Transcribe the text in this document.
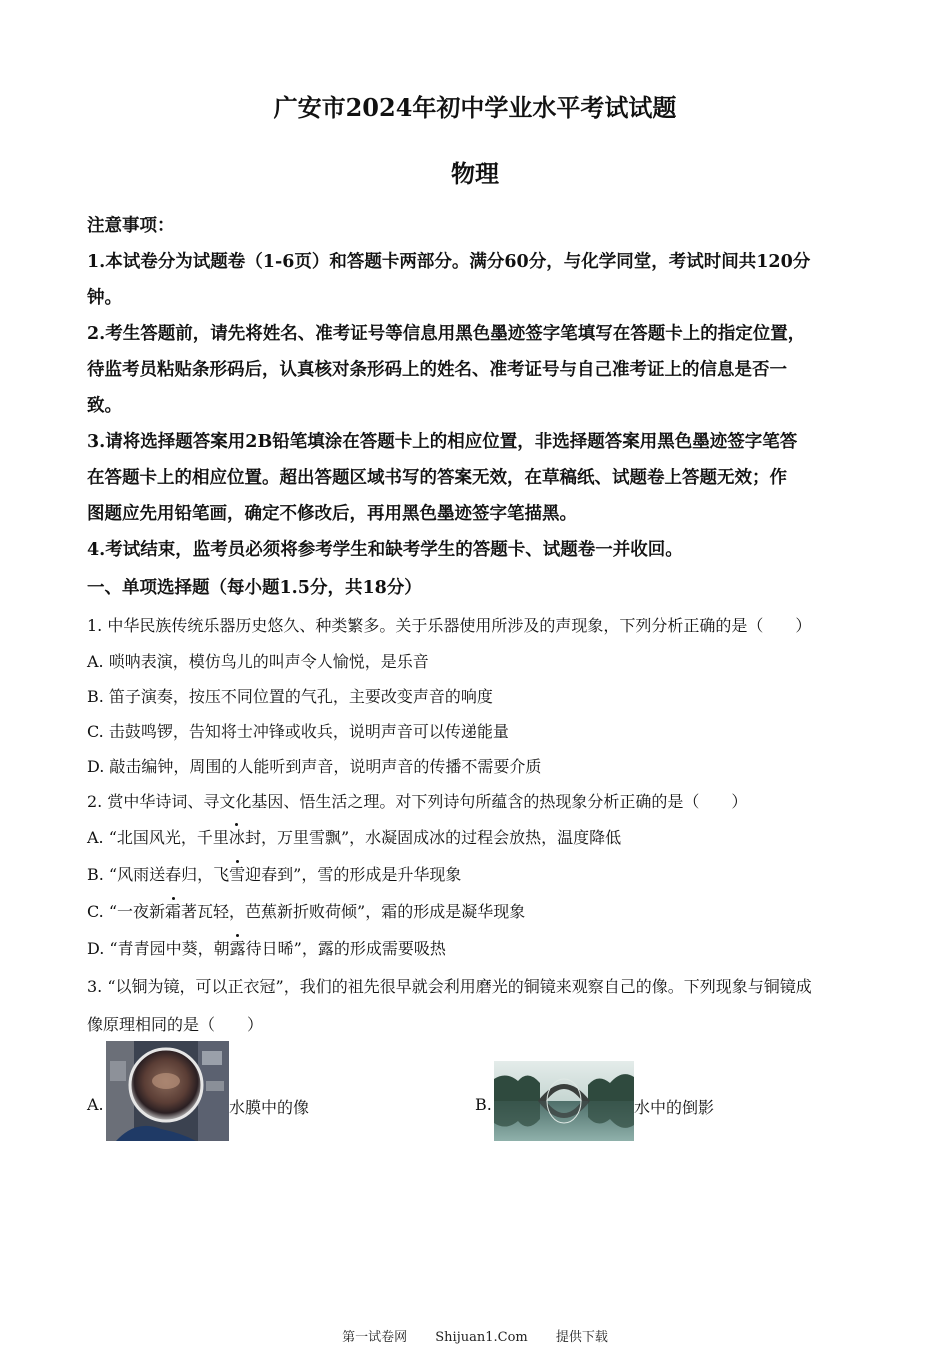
广安市2024年初中学业水平考试试题
物理
注意事项：
1.本试卷分为试题卷（1-6页）和答题卡两部分。满分60分，与化学同堂，考试时间共120分
钟。
2.考生答题前，请先将姓名、准考证号等信息用黑色墨迹签字笔填写在答题卡上的指定位置，
待监考员粘贴条形码后，认真核对条形码上的姓名、准考证号与自己准考证上的信息是否一
致。
3.请将选择题答案用2B铅笔填涂在答题卡上的相应位置，非选择题答案用黑色墨迹签字笔答
在答题卡上的相应位置。超出答题区域书写的答案无效，在草稿纸、试题卷上答题无效；作
图题应先用铅笔画，确定不修改后，再用黑色墨迹签字笔描黑。
4.考试结束，监考员必须将参考学生和缺考学生的答题卡、试题卷一并收回。
一、单项选择题（每小题1.5分，共18分）
1. 中华民族传统乐器历史悠久、种类繁多。关于乐器使用所涉及的声现象，下列分析正确的是（　　）
A. 唢呐表演，模仿鸟儿的叫声令人愉悦，是乐音
B. 笛子演奏，按压不同位置的气孔，主要改变声音的响度
C. 击鼓鸣锣，告知将士冲锋或收兵，说明声音可以传递能量
D. 敲击编钟，周围的人能听到声音，说明声音的传播不需要介质
2. 赏中华诗词、寻文化基因、悟生活之理。对下列诗句所蕴含的热现象分析正确的是（　　）
A. “北国风光，千里冰封，万里雪飘”，水凝固成冰的过程会放热，温度降低
B. “风雨送春归，飞雪迎春到”，雪的形成是升华现象
C. “一夜新霜著瓦轻，芭蕉新折败荷倾”，霜的形成是凝华现象
D. “青青园中葵，朝露待日晞”，露的形成需要吸热
3. “以铜为镜，可以正衣冠”，我们的祖先很早就会利用磨光的铜镜来观察自己的像。下列现象与铜镜成
像原理相同的是（　　）
A.	水膜中的像	B.	水中的倒影
第一试卷网 Shijuan1.Com 提供下载
